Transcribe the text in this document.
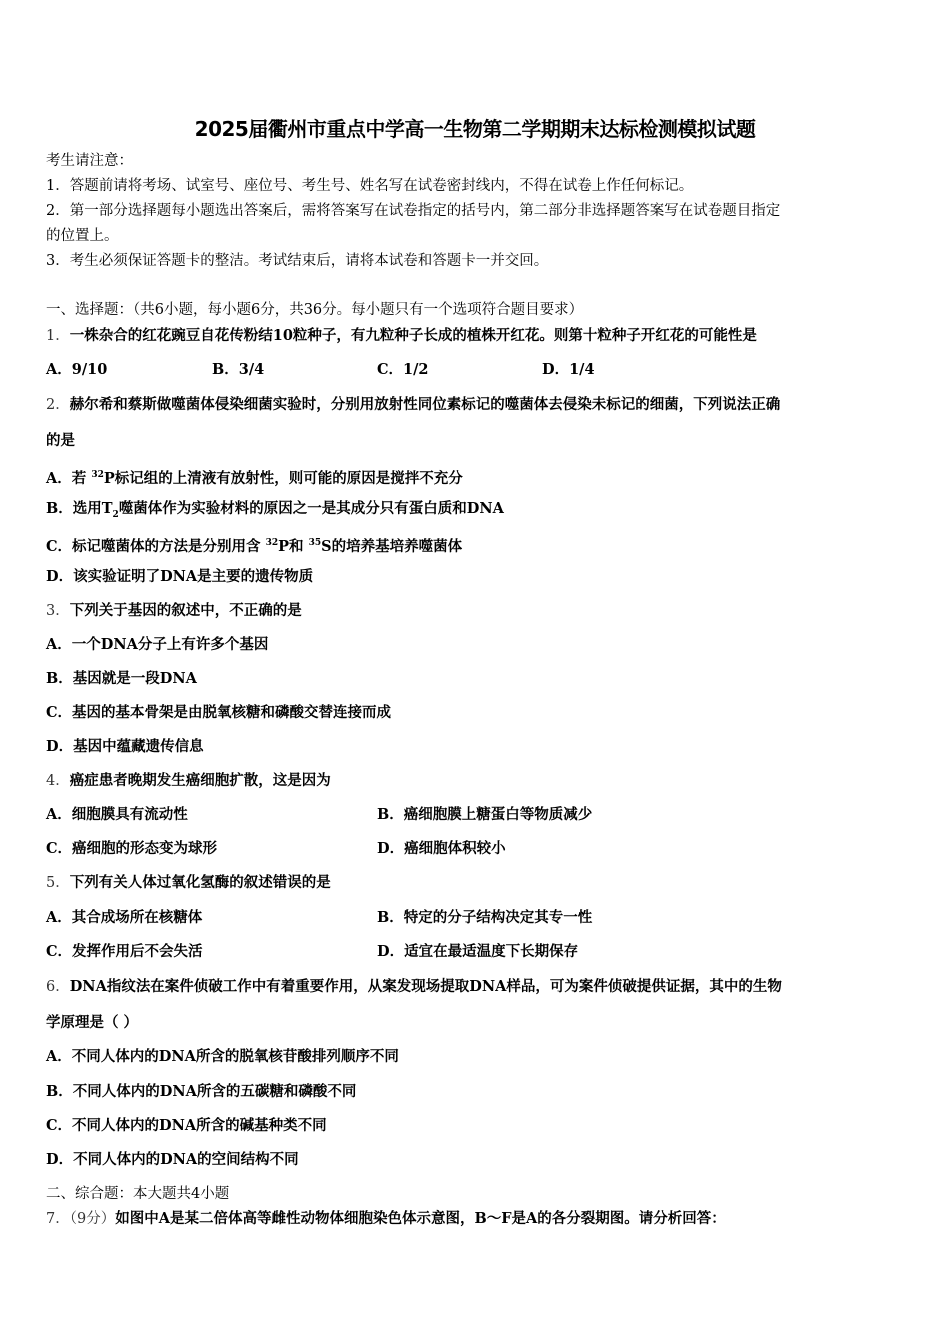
2025届衢州市重点中学高一生物第二学期期末达标检测模拟试题
考生请注意：
1．答题前请将考场、试室号、座位号、考生号、姓名写在试卷密封线内，不得在试卷上作任何标记。
2．第一部分选择题每小题选出答案后，需将答案写在试卷指定的括号内，第二部分非选择题答案写在试卷题目指定
的位置上。
3．考生必须保证答题卡的整洁。考试结束后，请将本试卷和答题卡一并交回。
一、选择题：（共6小题，每小题6分，共36分。每小题只有一个选项符合题目要求）
1．一株杂合的红花豌豆自花传粉结10粒种子，有九粒种子长成的植株开红花。则第十粒种子开红花的可能性是
A．9/10	B．3/4	C．1/2	D．1/4
2．赫尔希和蔡斯做噬菌体侵染细菌实验时，分别用放射性同位素标记的噬菌体去侵染未标记的细菌，下列说法正确
的是
A．若 $^{32}$P标记组的上清液有放射性，则可能的原因是搅拌不充分
B．选用$T_2$噬菌体作为实验材料的原因之一是其成分只有蛋白质和DNA
C．标记噬菌体的方法是分别用含 $^{32}$P和 $^{35}$S的培养基培养噬菌体
D．该实验证明了DNA是主要的遗传物质
3．下列关于基因的叙述中，不正确的是
A．一个DNA分子上有许多个基因
B．基因就是一段DNA
C．基因的基本骨架是由脱氧核糖和磷酸交替连接而成
D．基因中蕴藏遗传信息
4．癌症患者晚期发生癌细胞扩散，这是因为
A．细胞膜具有流动性	B．癌细胞膜上糖蛋白等物质减少
C．癌细胞的形态变为球形	D．癌细胞体积较小
5．下列有关人体过氧化氢酶的叙述错误的是
A．其合成场所在核糖体	B．特定的分子结构决定其专一性
C．发挥作用后不会失活	D．适宜在最适温度下长期保存
6．DNA指纹法在案件侦破工作中有着重要作用，从案发现场提取DNA样品，可为案件侦破提供证据，其中的生物
学原理是（ ）
A．不同人体内的DNA所含的脱氧核苷酸排列顺序不同
B．不同人体内的DNA所含的五碳糖和磷酸不同
C．不同人体内的DNA所含的碱基种类不同
D．不同人体内的DNA的空间结构不同
二、综合题：本大题共4小题
7．（9分）如图中A是某二倍体高等雌性动物体细胞染色体示意图，B～F是A的各分裂期图。请分析回答：
